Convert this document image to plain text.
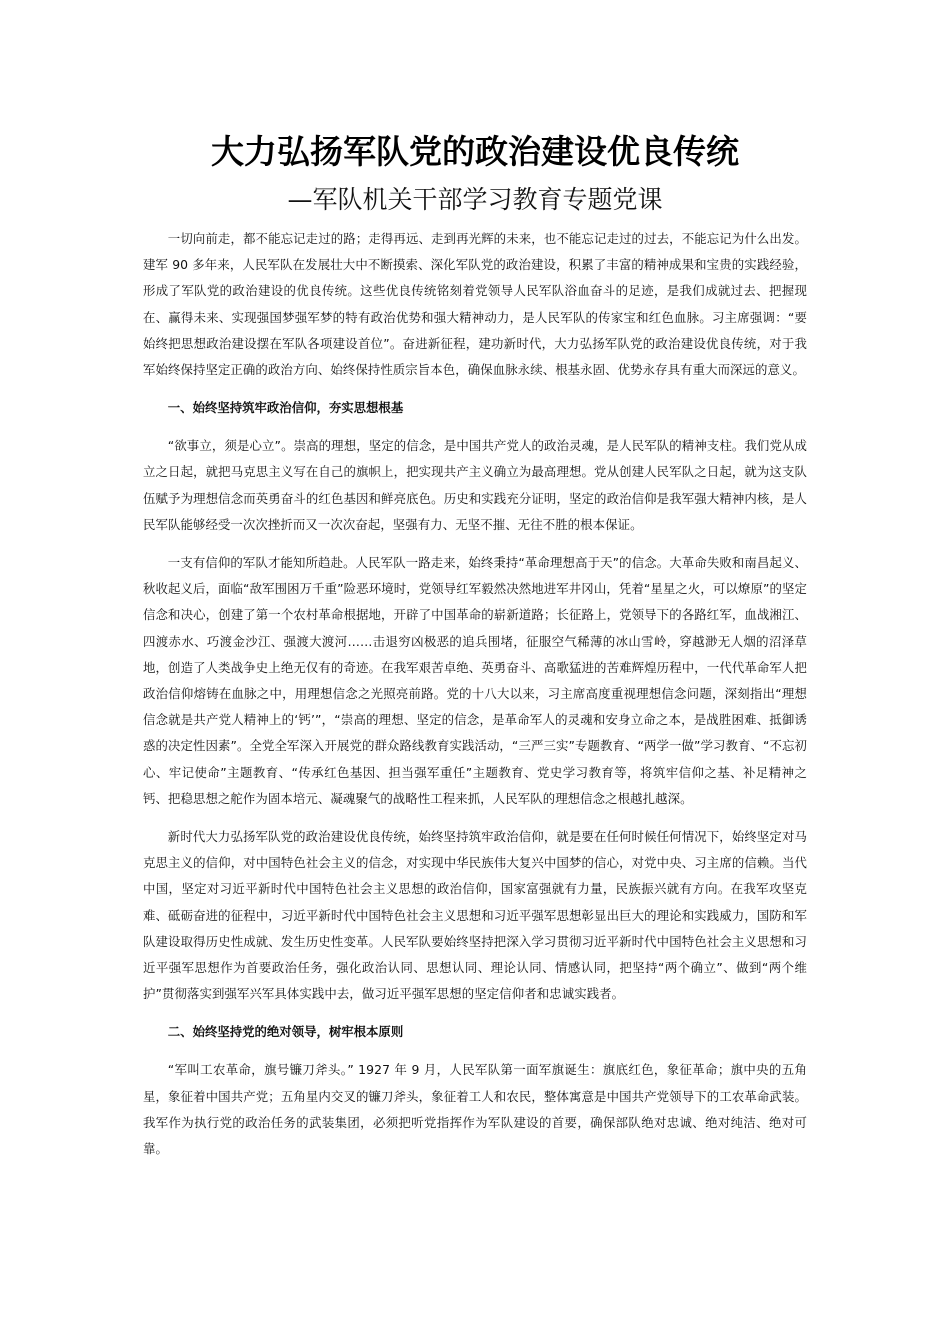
大力弘扬军队党的政治建设优良传统
—军队机关干部学习教育专题党课

一切向前走，都不能忘记走过的路；走得再远、走到再光辉的未来，也不能忘记走过的过去，不能忘记为什么出发。建军 90 多年来，人民军队在发展壮大中不断摸索、深化军队党的政治建设，积累了丰富的精神成果和宝贵的实践经验，形成了军队党的政治建设的优良传统。这些优良传统铭刻着党领导人民军队浴血奋斗的足迹，是我们成就过去、把握现在、赢得未来、实现强国梦强军梦的特有政治优势和强大精神动力，是人民军队的传家宝和红色血脉。习主席强调：“要始终把思想政治建设摆在军队各项建设首位”。奋进新征程，建功新时代，大力弘扬军队党的政治建设优良传统，对于我军始终保持坚定正确的政治方向、始终保持性质宗旨本色，确保血脉永续、根基永固、优势永存具有重大而深远的意义。

一、始终坚持筑牢政治信仰，夯实思想根基

“欲事立，须是心立”。崇高的理想，坚定的信念，是中国共产党人的政治灵魂，是人民军队的精神支柱。我们党从成立之日起，就把马克思主义写在自己的旗帜上，把实现共产主义确立为最高理想。党从创建人民军队之日起，就为这支队伍赋予为理想信念而英勇奋斗的红色基因和鲜亮底色。历史和实践充分证明，坚定的政治信仰是我军强大精神内核，是人民军队能够经受一次次挫折而又一次次奋起，坚强有力、无坚不摧、无往不胜的根本保证。

一支有信仰的军队才能知所趋赴。人民军队一路走来，始终秉持“革命理想高于天”的信念。大革命失败和南昌起义、秋收起义后，面临“敌军围困万千重”险恶环境时，党领导红军毅然决然地进军井冈山，凭着“星星之火，可以燎原”的坚定信念和决心，创建了第一个农村革命根据地，开辟了中国革命的崭新道路；长征路上，党领导下的各路红军，血战湘江、四渡赤水、巧渡金沙江、强渡大渡河……击退穷凶极恶的追兵围堵，征服空气稀薄的冰山雪岭，穿越渺无人烟的沼泽草地，创造了人类战争史上绝无仅有的奇迹。在我军艰苦卓绝、英勇奋斗、高歌猛进的苦难辉煌历程中，一代代革命军人把政治信仰熔铸在血脉之中，用理想信念之光照亮前路。党的十八大以来，习主席高度重视理想信念问题，深刻指出“理想信念就是共产党人精神上的‘钙’”，“崇高的理想、坚定的信念，是革命军人的灵魂和安身立命之本，是战胜困难、抵御诱惑的决定性因素”。全党全军深入开展党的群众路线教育实践活动，“三严三实”专题教育、“两学一做”学习教育、“不忘初心、牢记使命”主题教育、“传承红色基因、担当强军重任”主题教育、党史学习教育等，将筑牢信仰之基、补足精神之钙、把稳思想之舵作为固本培元、凝魂聚气的战略性工程来抓，人民军队的理想信念之根越扎越深。

新时代大力弘扬军队党的政治建设优良传统，始终坚持筑牢政治信仰，就是要在任何时候任何情况下，始终坚定对马克思主义的信仰，对中国特色社会主义的信念，对实现中华民族伟大复兴中国梦的信心，对党中央、习主席的信赖。当代中国，坚定对习近平新时代中国特色社会主义思想的政治信仰，国家富强就有力量，民族振兴就有方向。在我军攻坚克难、砥砺奋进的征程中，习近平新时代中国特色社会主义思想和习近平强军思想彰显出巨大的理论和实践威力，国防和军队建设取得历史性成就、发生历史性变革。人民军队要始终坚持把深入学习贯彻习近平新时代中国特色社会主义思想和习近平强军思想作为首要政治任务，强化政治认同、思想认同、理论认同、情感认同，把坚持“两个确立”、做到“两个维护”贯彻落实到强军兴军具体实践中去，做习近平强军思想的坚定信仰者和忠诚实践者。

二、始终坚持党的绝对领导，树牢根本原则

“军叫工农革命，旗号镰刀斧头。” 1927 年 9 月，人民军队第一面军旗诞生：旗底红色，象征革命；旗中央的五角星，象征着中国共产党；五角星内交叉的镰刀斧头，象征着工人和农民，整体寓意是中国共产党领导下的工农革命武装。我军作为执行党的政治任务的武装集团，必须把听党指挥作为军队建设的首要，确保部队绝对忠诚、绝对纯洁、绝对可靠。
